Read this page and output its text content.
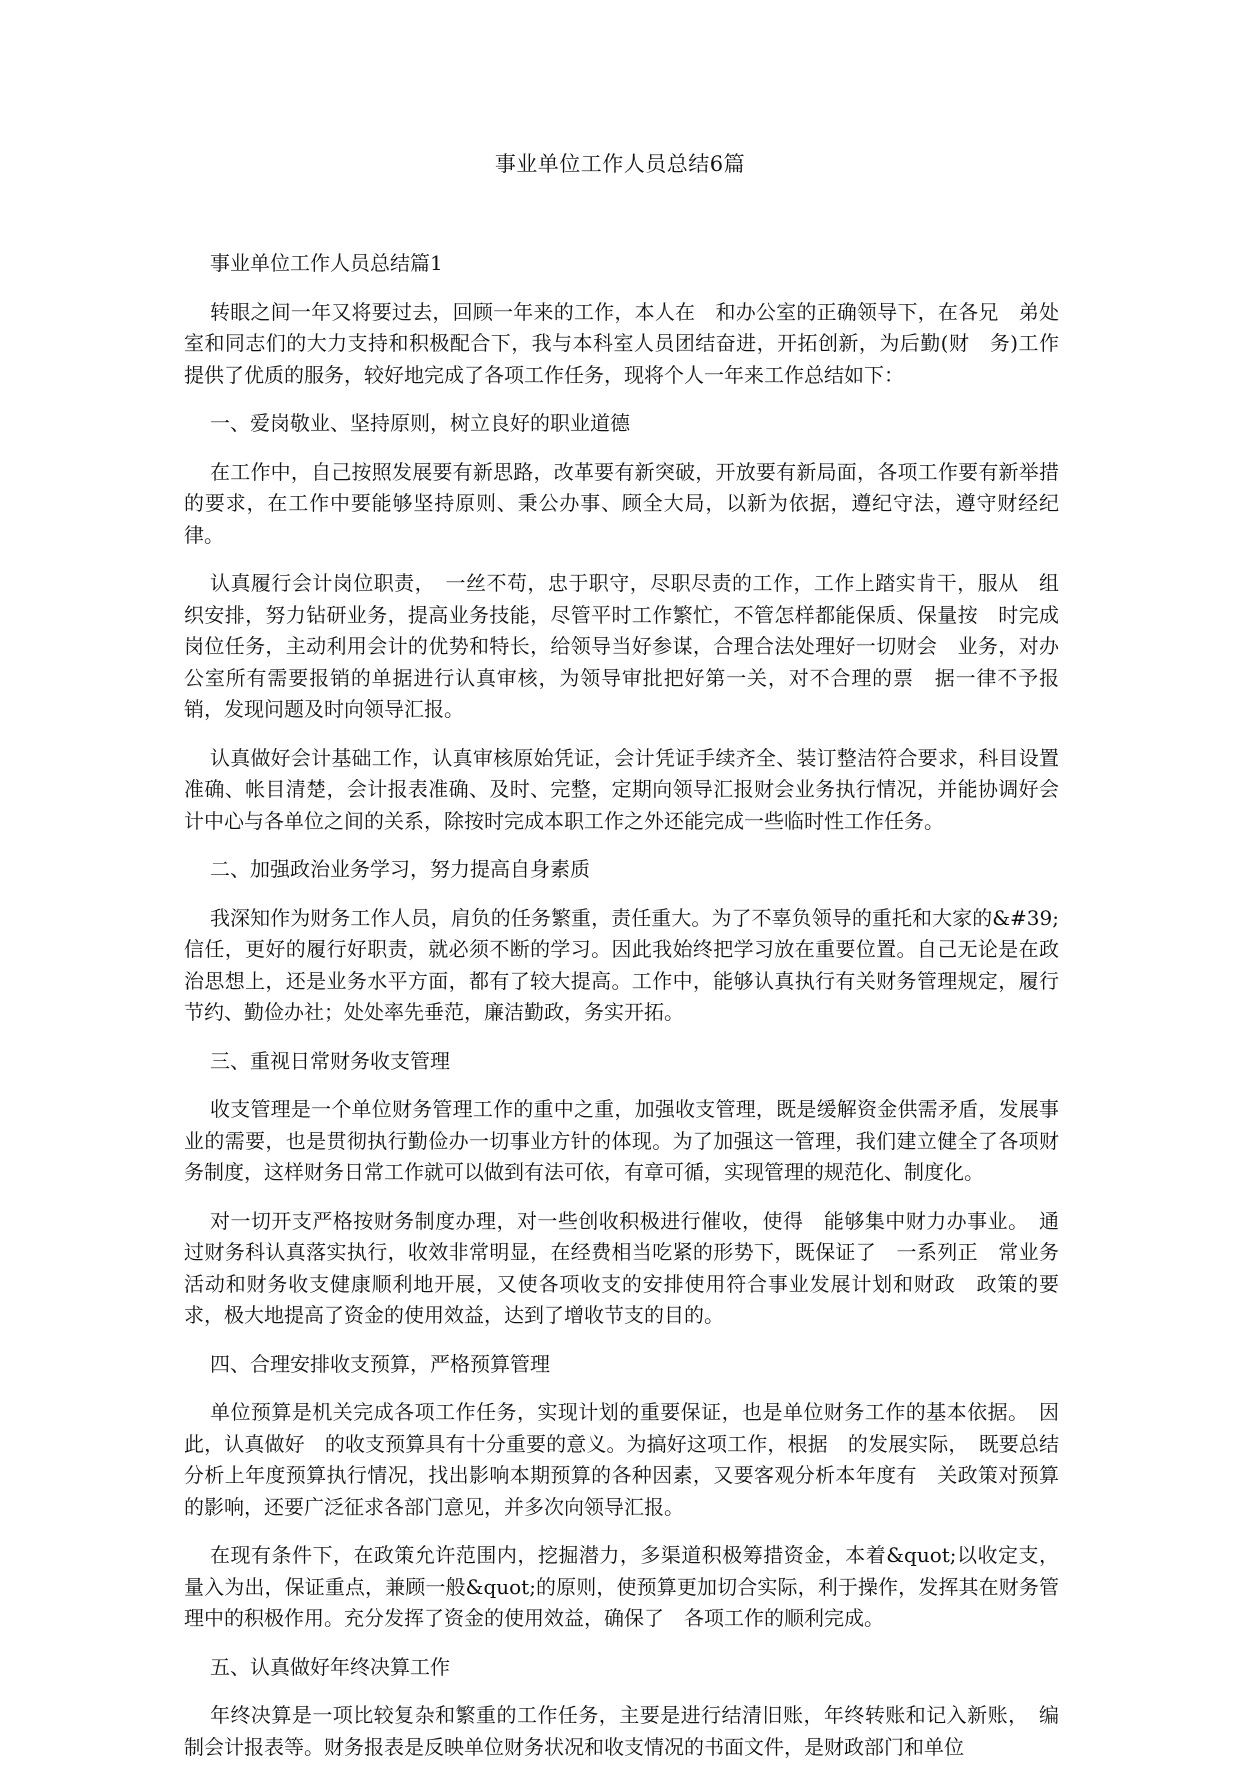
事业单位工作人员总结6篇

事业单位工作人员总结篇1

转眼之间一年又将要过去，回顾一年来的工作，本人在　和办公室的正确领导下，在各兄　弟处室和同志们的大力支持和积极配合下，我与本科室人员团结奋进，开拓创新，为后勤(财　务)工作提供了优质的服务，较好地完成了各项工作任务，现将个人一年来工作总结如下：

一、爱岗敬业、坚持原则，树立良好的职业道德

在工作中，自己按照发展要有新思路，改革要有新突破，开放要有新局面，各项工作要有新举措的要求，在工作中要能够坚持原则、秉公办事、顾全大局，以新为依据，遵纪守法，遵守财经纪律。

认真履行会计岗位职责，　一丝不苟，忠于职守，尽职尽责的工作，工作上踏实肯干，服从　组织安排，努力钻研业务，提高业务技能，尽管平时工作繁忙，不管怎样都能保质、保量按　时完成岗位任务，主动利用会计的优势和特长，给领导当好参谋，合理合法处理好一切财会　业务，对办公室所有需要报销的单据进行认真审核，为领导审批把好第一关，对不合理的票　据一律不予报销，发现问题及时向领导汇报。

认真做好会计基础工作，认真审核原始凭证，会计凭证手续齐全、装订整洁符合要求，科目设置准确、帐目清楚，会计报表准确、及时、完整，定期向领导汇报财会业务执行情况，并能协调好会计中心与各单位之间的关系，除按时完成本职工作之外还能完成一些临时性工作任务。

二、加强政治业务学习，努力提高自身素质

我深知作为财务工作人员，肩负的任务繁重，责任重大。为了不辜负领导的重托和大家的&#39;信任，更好的履行好职责，就必须不断的学习。因此我始终把学习放在重要位置。自己无论是在政治思想上，还是业务水平方面，都有了较大提高。工作中，能够认真执行有关财务管理规定，履行节约、勤俭办社；处处率先垂范，廉洁勤政，务实开拓。

三、重视日常财务收支管理

收支管理是一个单位财务管理工作的重中之重，加强收支管理，既是缓解资金供需矛盾，发展事业的需要，也是贯彻执行勤俭办一切事业方针的体现。为了加强这一管理，我们建立健全了各项财务制度，这样财务日常工作就可以做到有法可依，有章可循，实现管理的规范化、制度化。

对一切开支严格按财务制度办理，对一些创收积极进行催收，使得　能够集中财力办事业。　通过财务科认真落实执行，收效非常明显，在经费相当吃紧的形势下，既保证了　一系列正　常业务活动和财务收支健康顺利地开展，又使各项收支的安排使用符合事业发展计划和财政　政策的要求，极大地提高了资金的使用效益，达到了增收节支的目的。

四、合理安排收支预算，严格预算管理

单位预算是机关完成各项工作任务，实现计划的重要保证，也是单位财务工作的基本依据。　因此，认真做好　的收支预算具有十分重要的意义。为搞好这项工作，根据　的发展实际，　既要总结分析上年度预算执行情况，找出影响本期预算的各种因素，又要客观分析本年度有　关政策对预算的影响，还要广泛征求各部门意见，并多次向领导汇报。

在现有条件下，在政策允许范围内，挖掘潜力，多渠道积极筹措资金，本着&quot;以收定支，量入为出，保证重点，兼顾一般&quot;的原则，使预算更加切合实际，利于操作，发挥其在财务管理中的积极作用。充分发挥了资金的使用效益，确保了　各项工作的顺利完成。

五、认真做好年终决算工作

年终决算是一项比较复杂和繁重的工作任务，主要是进行结清旧账，年终转账和记入新账，　编制会计报表等。财务报表是反映单位财务状况和收支情况的书面文件，是财政部门和单位
